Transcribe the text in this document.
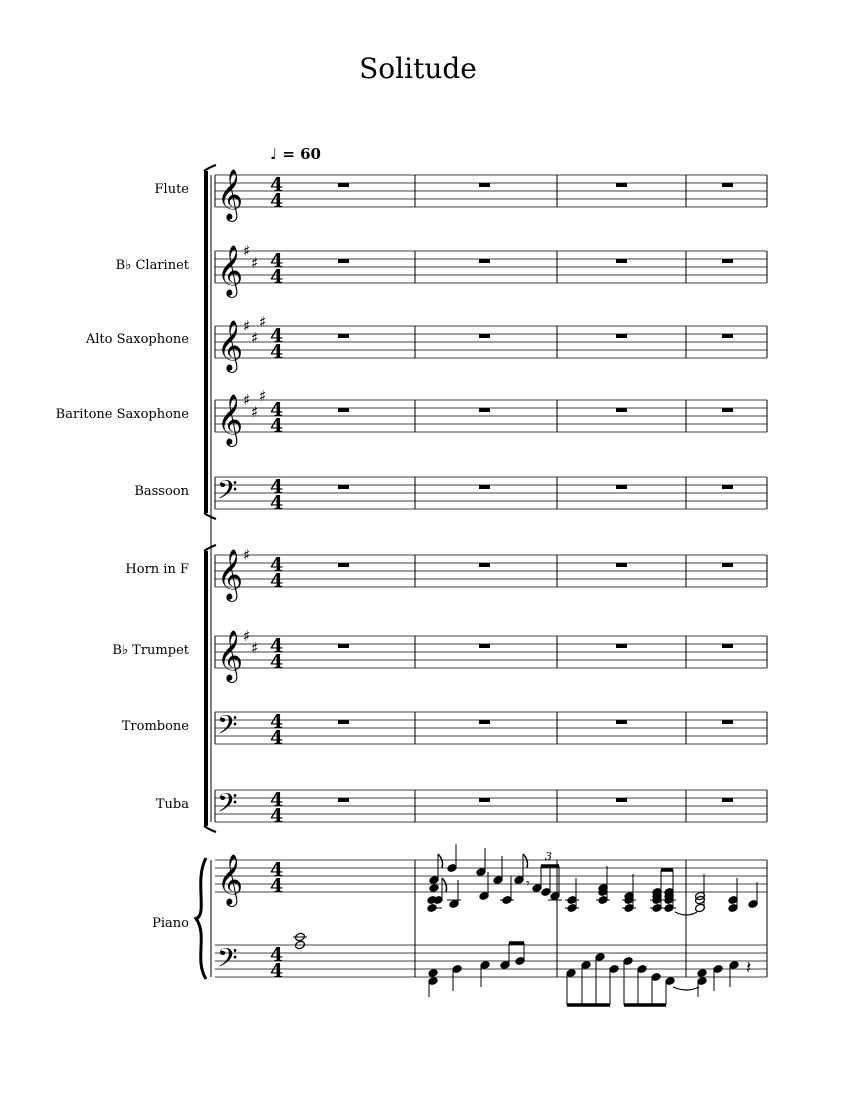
Solitude
♩ = 60
Flute
B♭ Clarinet
Alto Saxophone
Baritone Saxophone
Bassoon
Horn in F
B♭ Trumpet
Trombone
Tuba
Piano
𝄞 4
4
𝄞 ♯
♯ 4
4
𝄞 ♯
♯
♯
4
4
𝄞 ♯
♯
♯
4
4
𝄢 4
4
𝄞 ♯ 4
4
𝄞 ♯
♯ 4
4
𝄢 4
4
𝄢 4
4
𝄞
𝄢
4
4
4
4
3
𝄾
𝄽
